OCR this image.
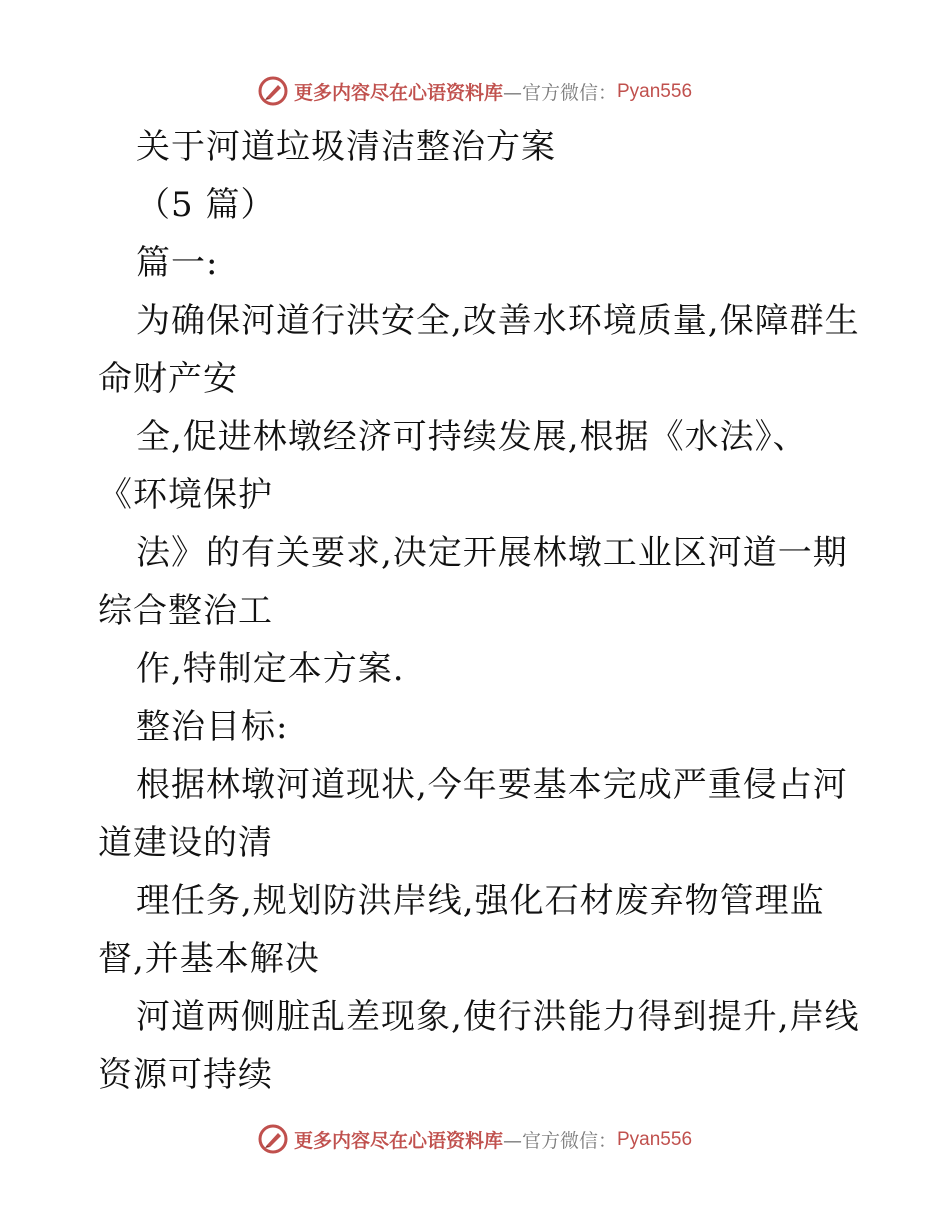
更多内容尽在心语资料库 —官方微信： Pyan556
关于河道垃圾清洁整治方案
（5 篇）
篇一:
为确保河道行洪安全,改善水环境质量,保障群生
命财产安
全,促进林墩经济可持续发展,根据《水法》、
《环境保护
法》的有关要求,决定开展林墩工业区河道一期
综合整治工
作,特制定本方案.
整治目标:
根据林墩河道现状,今年要基本完成严重侵占河
道建设的清
理任务,规划防洪岸线,强化石材废弃物管理监
督,并基本解决
河道两侧脏乱差现象,使行洪能力得到提升,岸线
资源可持续
更多内容尽在心语资料库 —官方微信： Pyan556
